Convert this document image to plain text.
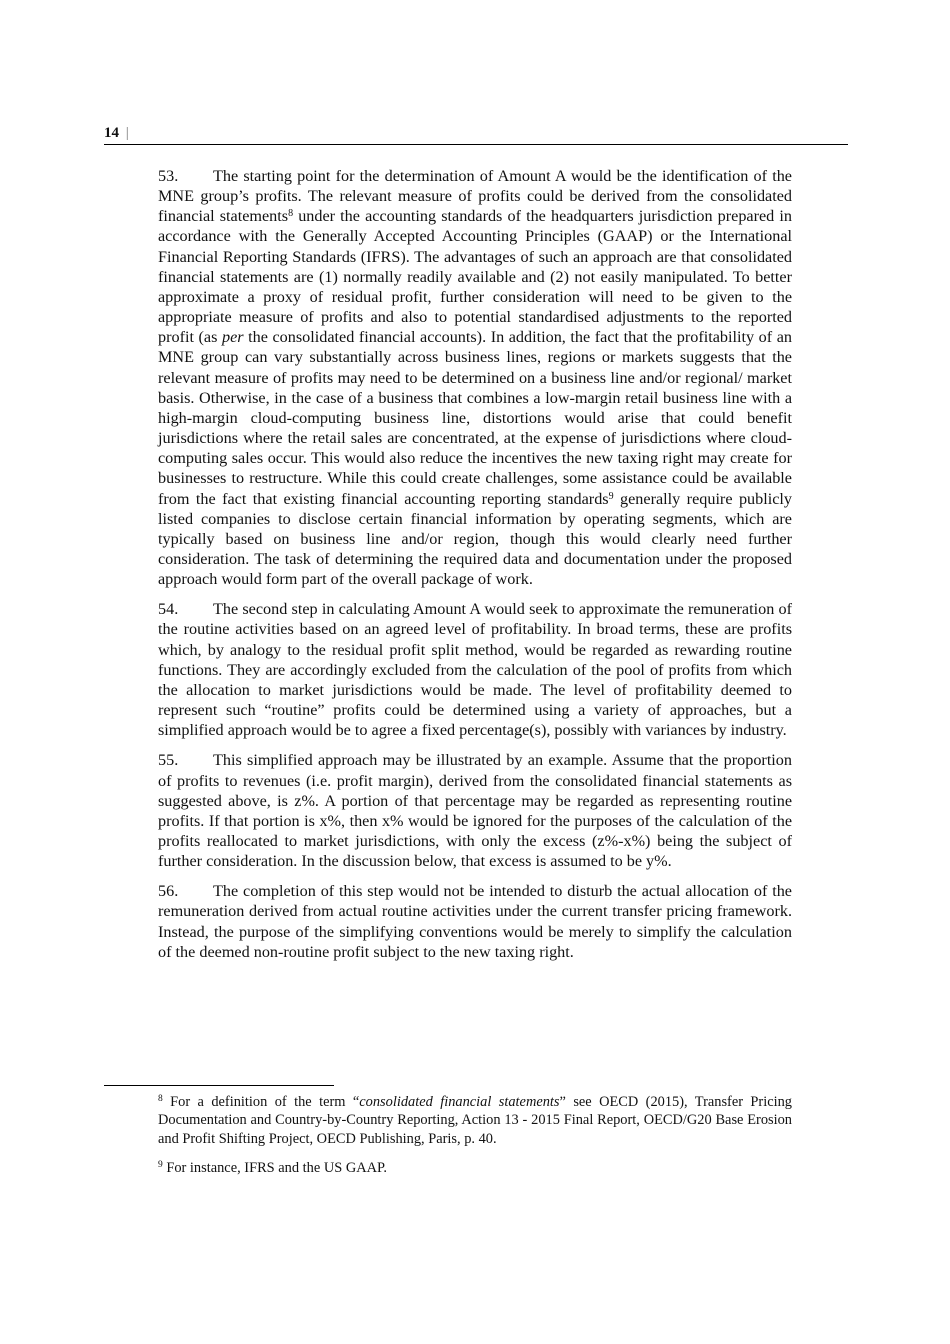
14 |

53. The starting point for the determination of Amount A would be the identification of the MNE group’s profits. The relevant measure of profits could be derived from the consolidated financial statements$^8$ under the accounting standards of the headquarters jurisdiction prepared in accordance with the Generally Accepted Accounting Principles (GAAP) or the International Financial Reporting Standards (IFRS). The advantages of such an approach are that consolidated financial statements are (1) normally readily available and (2) not easily manipulated. To better approximate a proxy of residual profit, further consideration will need to be given to the appropriate measure of profits and also to potential standardised adjustments to the reported profit (as per the consolidated financial accounts). In addition, the fact that the profitability of an MNE group can vary substantially across business lines, regions or markets suggests that the relevant measure of profits may need to be determined on a business line and/or regional/ market basis. Otherwise, in the case of a business that combines a low-margin retail business line with a high-margin cloud-computing business line, distortions would arise that could benefit jurisdictions where the retail sales are concentrated, at the expense of jurisdictions where cloud-computing sales occur. This would also reduce the incentives the new taxing right may create for businesses to restructure. While this could create challenges, some assistance could be available from the fact that existing financial accounting reporting standards$^9$ generally require publicly listed companies to disclose certain financial information by operating segments, which are typically based on business line and/or region, though this would clearly need further consideration. The task of determining the required data and documentation under the proposed approach would form part of the overall package of work.

54. The second step in calculating Amount A would seek to approximate the remuneration of the routine activities based on an agreed level of profitability. In broad terms, these are profits which, by analogy to the residual profit split method, would be regarded as rewarding routine functions. They are accordingly excluded from the calculation of the pool of profits from which the allocation to market jurisdictions would be made. The level of profitability deemed to represent such “routine” profits could be determined using a variety of approaches, but a simplified approach would be to agree a fixed percentage(s), possibly with variances by industry.

55. This simplified approach may be illustrated by an example. Assume that the proportion of profits to revenues (i.e. profit margin), derived from the consolidated financial statements as suggested above, is z%. A portion of that percentage may be regarded as representing routine profits. If that portion is x%, then x% would be ignored for the purposes of the calculation of the profits reallocated to market jurisdictions, with only the excess (z%-x%) being the subject of further consideration. In the discussion below, that excess is assumed to be y%.

56. The completion of this step would not be intended to disturb the actual allocation of the remuneration derived from actual routine activities under the current transfer pricing framework. Instead, the purpose of the simplifying conventions would be merely to simplify the calculation of the deemed non-routine profit subject to the new taxing right.

$^8$ For a definition of the term “consolidated financial statements” see OECD (2015), Transfer Pricing Documentation and Country-by-Country Reporting, Action 13 - 2015 Final Report, OECD/G20 Base Erosion and Profit Shifting Project, OECD Publishing, Paris, p. 40.

$^9$ For instance, IFRS and the US GAAP.
